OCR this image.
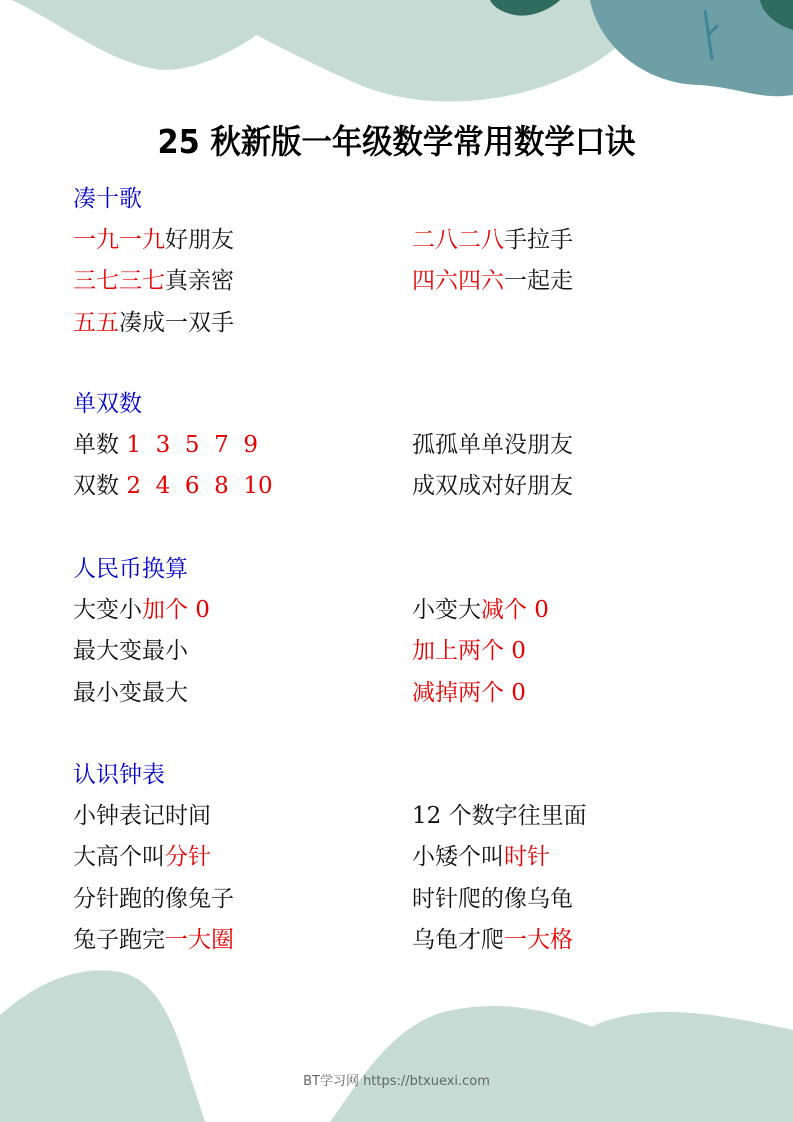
25 秋新版一年级数学常用数学口诀
凑十歌
一九一九好朋友	二八二八手拉手
三七三七真亲密	四六四六一起走
五五凑成一双手
单双数
单数 1  3  5  7  9	孤孤单单没朋友
双数 2  4  6  8  10	成双成对好朋友
人民币换算
大变小加个 0	小变大减个 0
最大变最小	加上两个 0
最小变最大	减掉两个 0
认识钟表
小钟表记时间	12 个数字往里面
大高个叫分针	小矮个叫时针
分针跑的像兔子	时针爬的像乌龟
兔子跑完一大圈	乌龟才爬一大格
BT学习网 https://btxuexi.com
